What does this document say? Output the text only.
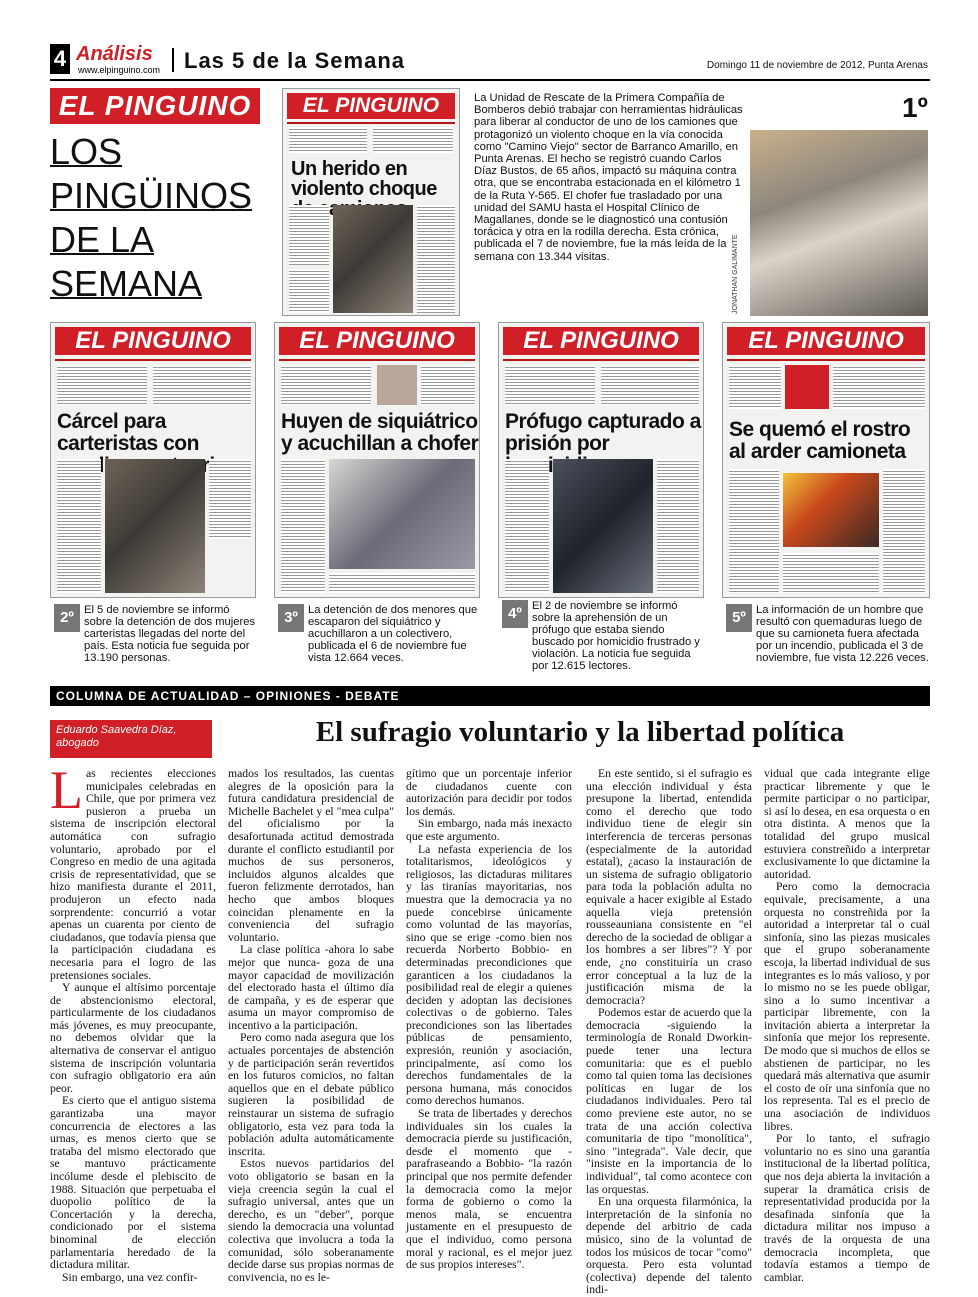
4 Análisis
www.elpinguino.com Las 5 de la Semana	Domingo 11 de noviembre de 2012, Punta Arenas
EL PINGUINO
LOS PINGÜINOS DE LA SEMANA
EL PINGUINO
Un herido en violento choque
La Unidad de Rescate de la Primera Compañía de Bomberos debió trabajar con herramientas hidráulicas para liberar al conductor de uno de los camiones que protagonizó un violento choque en la vía conocida como "Camino Viejo" sector de Barranco Amarillo, en Punta Arenas. El hecho se registró cuando Carlos Díaz Bustos, de 65 años, impactó su máquina contra otra, que se encontraba estacionada en el kilómetro 1 de la Ruta Y-565. El chofer fue trasladado por una unidad del SAMU hasta el Hospital Clínico de Magallanes, donde se le diagnosticó una contusión torácica y otra en la rodilla derecha. Esta crónica, publicada el 7 de noviembre, fue la más leída de la semana con 13.344 visitas.
1º
JONATHAN GALIMANTE
EL PINGUINO
Cárcel para carteristas con
EL PINGUINO
Huyen de siquiátrico y acuchillan a chofer
EL PINGUINO
Prófugo capturado a prisión por
EL PINGUINO
Se quemó el rostro al arder camioneta
2º El 5 de noviembre se informó sobre la detención de dos mujeres carteristas llegadas del norte del país. Esta noticia fue seguida por 13.190 personas.
3º La detención de dos menores que escaparon del siquiátrico y acuchillaron a un colectivero, publicada el 6 de noviembre fue vista 12.664 veces.
4º El 2 de noviembre se informó sobre la aprehensión de un prófugo que estaba siendo buscado por homicidio frustrado y violación. La noticia fue seguida por 12.615 lectores.
5º La información de un hombre que resultó con quemaduras luego de que su camioneta fuera afectada por un incendio, publicada el 3 de noviembre, fue vista 12.226 veces.
COLUMNA DE ACTUALIDAD – OPINIONES - DEBATE
Eduardo Saavedra Díaz,
abogado	El sufragio voluntario y la libertad política

Las recientes elecciones municipales celebradas en Chile, que por primera vez pusieron a prueba un sistema de inscripción electoral automática con sufragio voluntario, aprobado por el Congreso en medio de una agitada crisis de representatividad, que se hizo manifiesta durante el 2011, produjeron un efecto nada sorprendente: concurrió a votar apenas un cuarenta por ciento de ciudadanos, que todavía piensa que la participación ciudadana es necesaria para el logro de las pretensiones sociales.

Y aunque el altísimo porcentaje de abstencionismo electoral, particularmente de los ciudadanos más jóvenes, es muy preocupante, no debemos olvidar que la alternativa de conservar el antiguo sistema de inscripción voluntaria con sufragio obligatorio era aún peor.

Es cierto que el antiguo sistema garantizaba una mayor concurrencia de electores a las urnas, es menos cierto que se trataba del mismo electorado que se mantuvo prácticamente incólume desde el plebiscito de 1988. Situación que perpetuaba el duopolio político de la Concertación y la derecha, condicionado por el sistema binominal de elección parlamentaria heredado de la dictadura militar.

Sin embargo, una vez confir-

mados los resultados, las cuentas alegres de la oposición para la futura candidatura presidencial de Michelle Bachelet y el "mea culpa" del oficialismo por la desafortunada actitud demostrada durante el conflicto estudiantil por muchos de sus personeros, incluidos algunos alcaldes que fueron felizmente derrotados, han hecho que ambos bloques coincidan plenamente en la conveniencia del sufragio voluntario.

La clase política -ahora lo sabe mejor que nunca- goza de una mayor capacidad de movilización del electorado hasta el último día de campaña, y es de esperar que asuma un mayor compromiso de incentivo a la participación.

Pero como nada asegura que los actuales porcentajes de abstención y de participación serán revertidos en los futuros comicios, no faltan aquellos que en el debate público sugieren la posibilidad de reinstaurar un sistema de sufragio obligatorio, esta vez para toda la población adulta automáticamente inscrita.

Estos nuevos partidarios del voto obligatorio se basan en la vieja creencia según la cual el sufragio universal, antes que un derecho, es un "deber", porque siendo la democracia una voluntad colectiva que involucra a toda la comunidad, sólo soberanamente decide darse sus propias normas de convivencia, no es le-

gítimo que un porcentaje inferior de ciudadanos cuente con autorización para decidir por todos los demás.

Sin embargo, nada más inexacto que este argumento.

La nefasta experiencia de los totalitarismos, ideológicos y religiosos, las dictaduras militares y las tiranías mayoritarias, nos muestra que la democracia ya no puede concebirse únicamente como voluntad de las mayorías, sino que se erige -como bien nos recuerda Norberto Bobbio- en determinadas precondiciones que garanticen a los ciudadanos la posibilidad real de elegir a quienes deciden y adoptan las decisiones colectivas o de gobierno. Tales precondiciones son las libertades públicas de pensamiento, expresión, reunión y asociación, principalmente, así como los derechos fundamentales de la persona humana, más conocidos como derechos humanos.

Se trata de libertades y derechos individuales sin los cuales la democracia pierde su justificación, desde el momento que -parafraseando a Bobbio- "la razón principal que nos permite defender la democracia como la mejor forma de gobierno o como la menos mala, se encuentra justamente en el presupuesto de que el individuo, como persona moral y racional, es el mejor juez de sus propios intereses".

En este sentido, si el sufragio es una elección individual y ésta presupone la libertad, entendida como el derecho que todo individuo tiene de elegir sin interferencia de terceras personas (especialmente de la autoridad estatal), ¿acaso la instauración de un sistema de sufragio obligatorio para toda la población adulta no equivale a hacer exigible al Estado aquella vieja pretensión rousseauniana consistente en "el derecho de la sociedad de obligar a los hombres a ser libres"? Y por ende, ¿no constituiría un craso error conceptual a la luz de la justificación misma de la democracia?

Podemos estar de acuerdo que la democracia -siguiendo la terminología de Ronald Dworkin- puede tener una lectura comunitaria: que es el pueblo como tal quien toma las decisiones políticas en lugar de los ciudadanos individuales. Pero tal como previene este autor, no se trata de una acción colectiva comunitaria de tipo "monolítica", sino "integrada". Vale decir, que "insiste en la importancia de lo individual", tal como acontece con las orquestas.

En una orquesta filarmónica, la interpretación de la sinfonía no depende del arbitrio de cada músico, sino de la voluntad de todos los músicos de tocar "como" orquesta. Pero esta voluntad (colectiva) depende del talento indi-

vidual que cada integrante elige practicar libremente y que le permite participar o no participar, si así lo desea, en esa orquesta o en otra distinta. A menos que la totalidad del grupo musical estuviera constreñido a interpretar exclusivamente lo que dictamine la autoridad.

Pero como la democracia equivale, precisamente, a una orquesta no constreñida por la autoridad a interpretar tal o cual sinfonía, sino las piezas musicales que el grupo soberanamente escoja, la libertad individual de sus integrantes es lo más valioso, y por lo mismo no se les puede obligar, sino a lo sumo incentivar a participar libremente, con la invitación abierta a interpretar la sinfonía que mejor los represente. De modo que si muchos de ellos se abstienen de participar, no les quedará más alternativa que asumir el costo de oír una sinfonía que no los representa. Tal es el precio de una asociación de individuos libres.

Por lo tanto, el sufragio voluntario no es sino una garantía institucional de la libertad política, que nos deja abierta la invitación a superar la dramática crisis de representatividad producida por la desafinada sinfonía que la dictadura militar nos impuso a través de la orquesta de una democracia incompleta, que todavía estamos a tiempo de cambiar.
